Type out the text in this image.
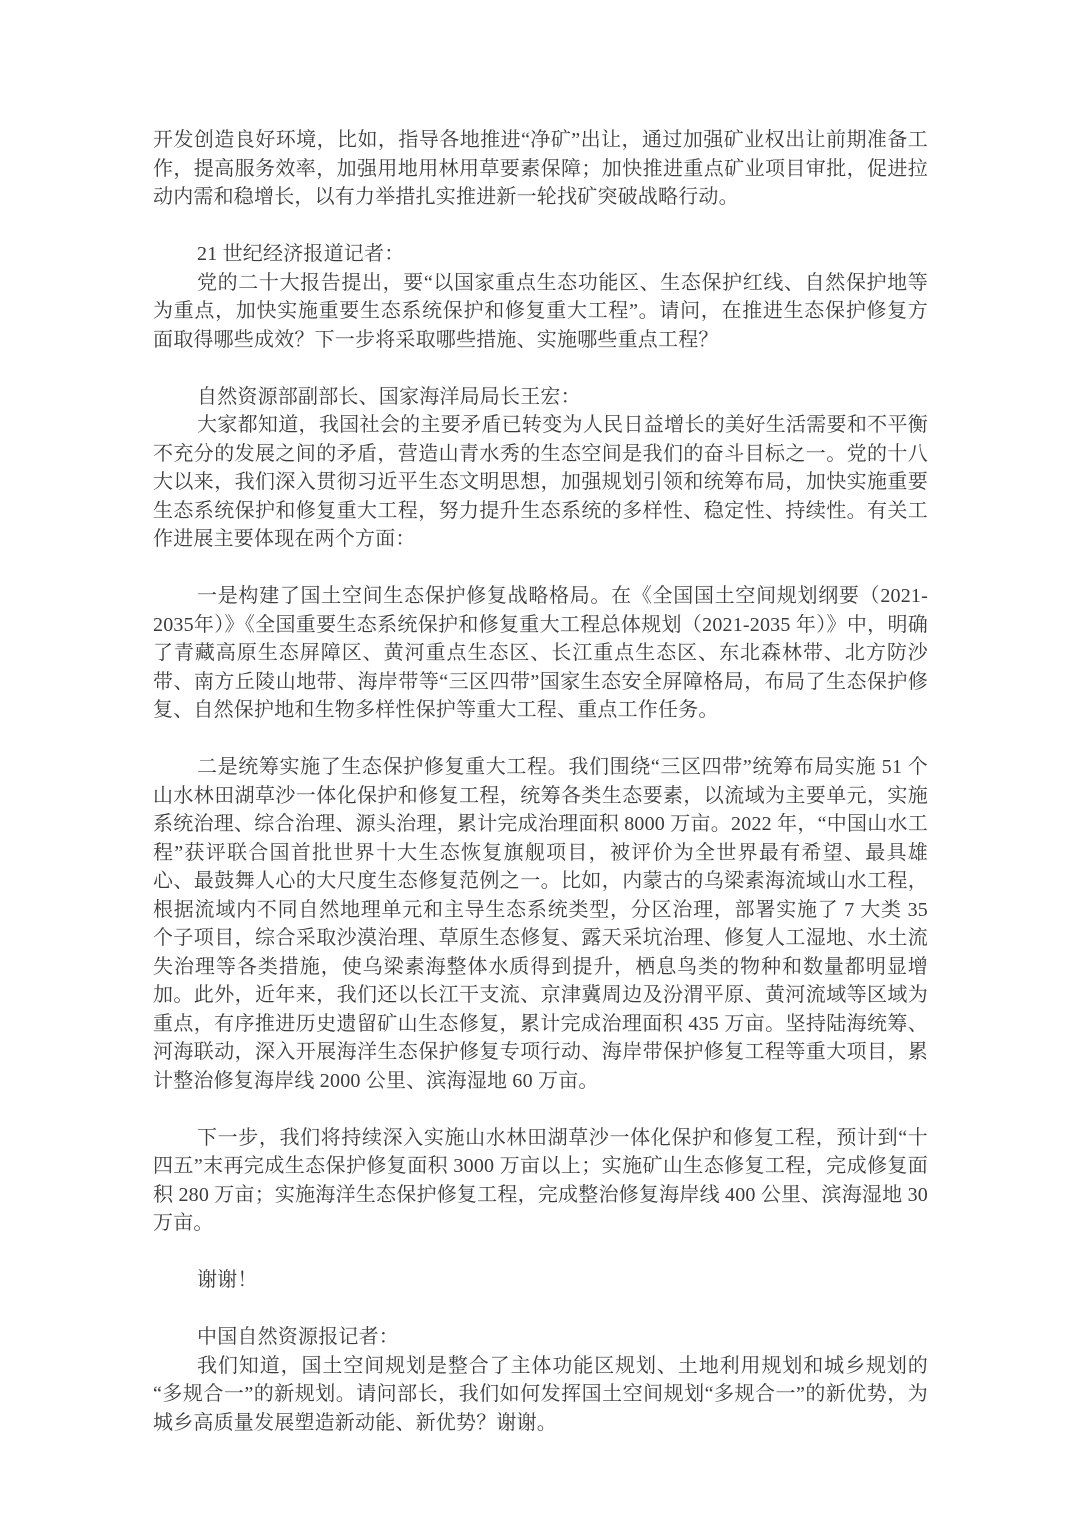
开发创造良好环境，比如，指导各地推进“净矿”出让，通过加强矿业权出让前期准备工作，提高服务效率，加强用地用林用草要素保障；加快推进重点矿业项目审批，促进拉动内需和稳增长，以有力举措扎实推进新一轮找矿突破战略行动。

21 世纪经济报道记者：

党的二十大报告提出，要“以国家重点生态功能区、生态保护红线、自然保护地等为重点，加快实施重要生态系统保护和修复重大工程”。请问，在推进生态保护修复方面取得哪些成效？下一步将采取哪些措施、实施哪些重点工程？

自然资源部副部长、国家海洋局局长王宏：

大家都知道，我国社会的主要矛盾已转变为人民日益增长的美好生活需要和不平衡不充分的发展之间的矛盾，营造山青水秀的生态空间是我们的奋斗目标之一。党的十八大以来，我们深入贯彻习近平生态文明思想，加强规划引领和统筹布局，加快实施重要生态系统保护和修复重大工程，努力提升生态系统的多样性、稳定性、持续性。有关工作进展主要体现在两个方面：

一是构建了国土空间生态保护修复战略格局。在《全国国土空间规划纲要（2021-2035年）》《全国重要生态系统保护和修复重大工程总体规划（2021-2035 年）》中，明确了青藏高原生态屏障区、黄河重点生态区、长江重点生态区、东北森林带、北方防沙带、南方丘陵山地带、海岸带等“三区四带”国家生态安全屏障格局，布局了生态保护修复、自然保护地和生物多样性保护等重大工程、重点工作任务。

二是统筹实施了生态保护修复重大工程。我们围绕“三区四带”统筹布局实施 51 个山水林田湖草沙一体化保护和修复工程，统筹各类生态要素，以流域为主要单元，实施系统治理、综合治理、源头治理，累计完成治理面积 8000 万亩。2022 年，“中国山水工程”获评联合国首批世界十大生态恢复旗舰项目，被评价为全世界最有希望、最具雄心、最鼓舞人心的大尺度生态修复范例之一。比如，内蒙古的乌梁素海流域山水工程，根据流域内不同自然地理单元和主导生态系统类型，分区治理，部署实施了 7 大类 35 个子项目，综合采取沙漠治理、草原生态修复、露天采坑治理、修复人工湿地、水土流失治理等各类措施，使乌梁素海整体水质得到提升，栖息鸟类的物种和数量都明显增加。此外，近年来，我们还以长江干支流、京津冀周边及汾渭平原、黄河流域等区域为重点，有序推进历史遗留矿山生态修复，累计完成治理面积 435 万亩。坚持陆海统筹、河海联动，深入开展海洋生态保护修复专项行动、海岸带保护修复工程等重大项目，累计整治修复海岸线 2000 公里、滨海湿地 60 万亩。

下一步，我们将持续深入实施山水林田湖草沙一体化保护和修复工程，预计到“十四五”末再完成生态保护修复面积 3000 万亩以上；实施矿山生态修复工程，完成修复面积 280 万亩；实施海洋生态保护修复工程，完成整治修复海岸线 400 公里、滨海湿地 30 万亩。

谢谢！

中国自然资源报记者：

我们知道，国土空间规划是整合了主体功能区规划、土地利用规划和城乡规划的“多规合一”的新规划。请问部长，我们如何发挥国土空间规划“多规合一”的新优势，为城乡高质量发展塑造新动能、新优势？谢谢。
